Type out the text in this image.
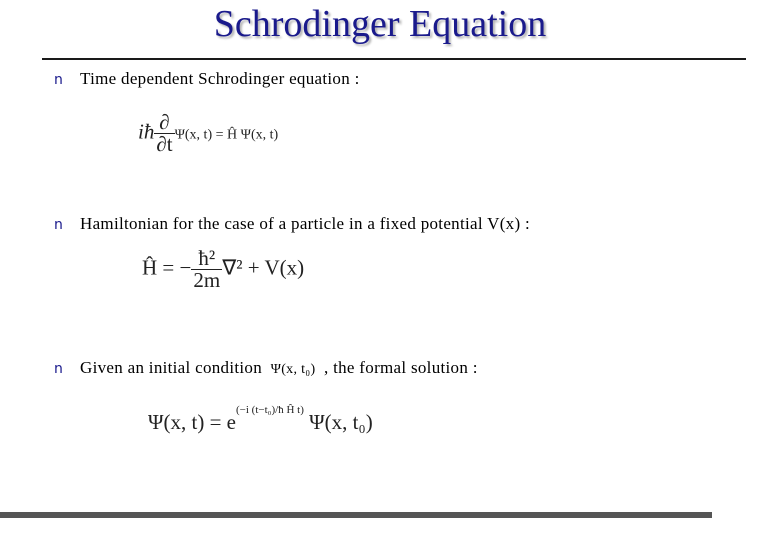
Schrodinger Equation
n Time dependent Schrodinger equation :
iħ $\frac{\partial}{\partial t} \Psi(x$, t) = Ĥ Ψ(x, t)
n Hamiltonian for the case of a particle in a fixed potential V(x) :
Ĥ = − $\frac{\text{ħ²}}{2m} \nabla^2 + V(x)$
n Given an initial condition Ψ(x, t₀) , the formal solution :
Ψ(x, $t) = e^{(-i (t-t_0)/ħ Ĥ t)}$ Ψ(x, t₀)
